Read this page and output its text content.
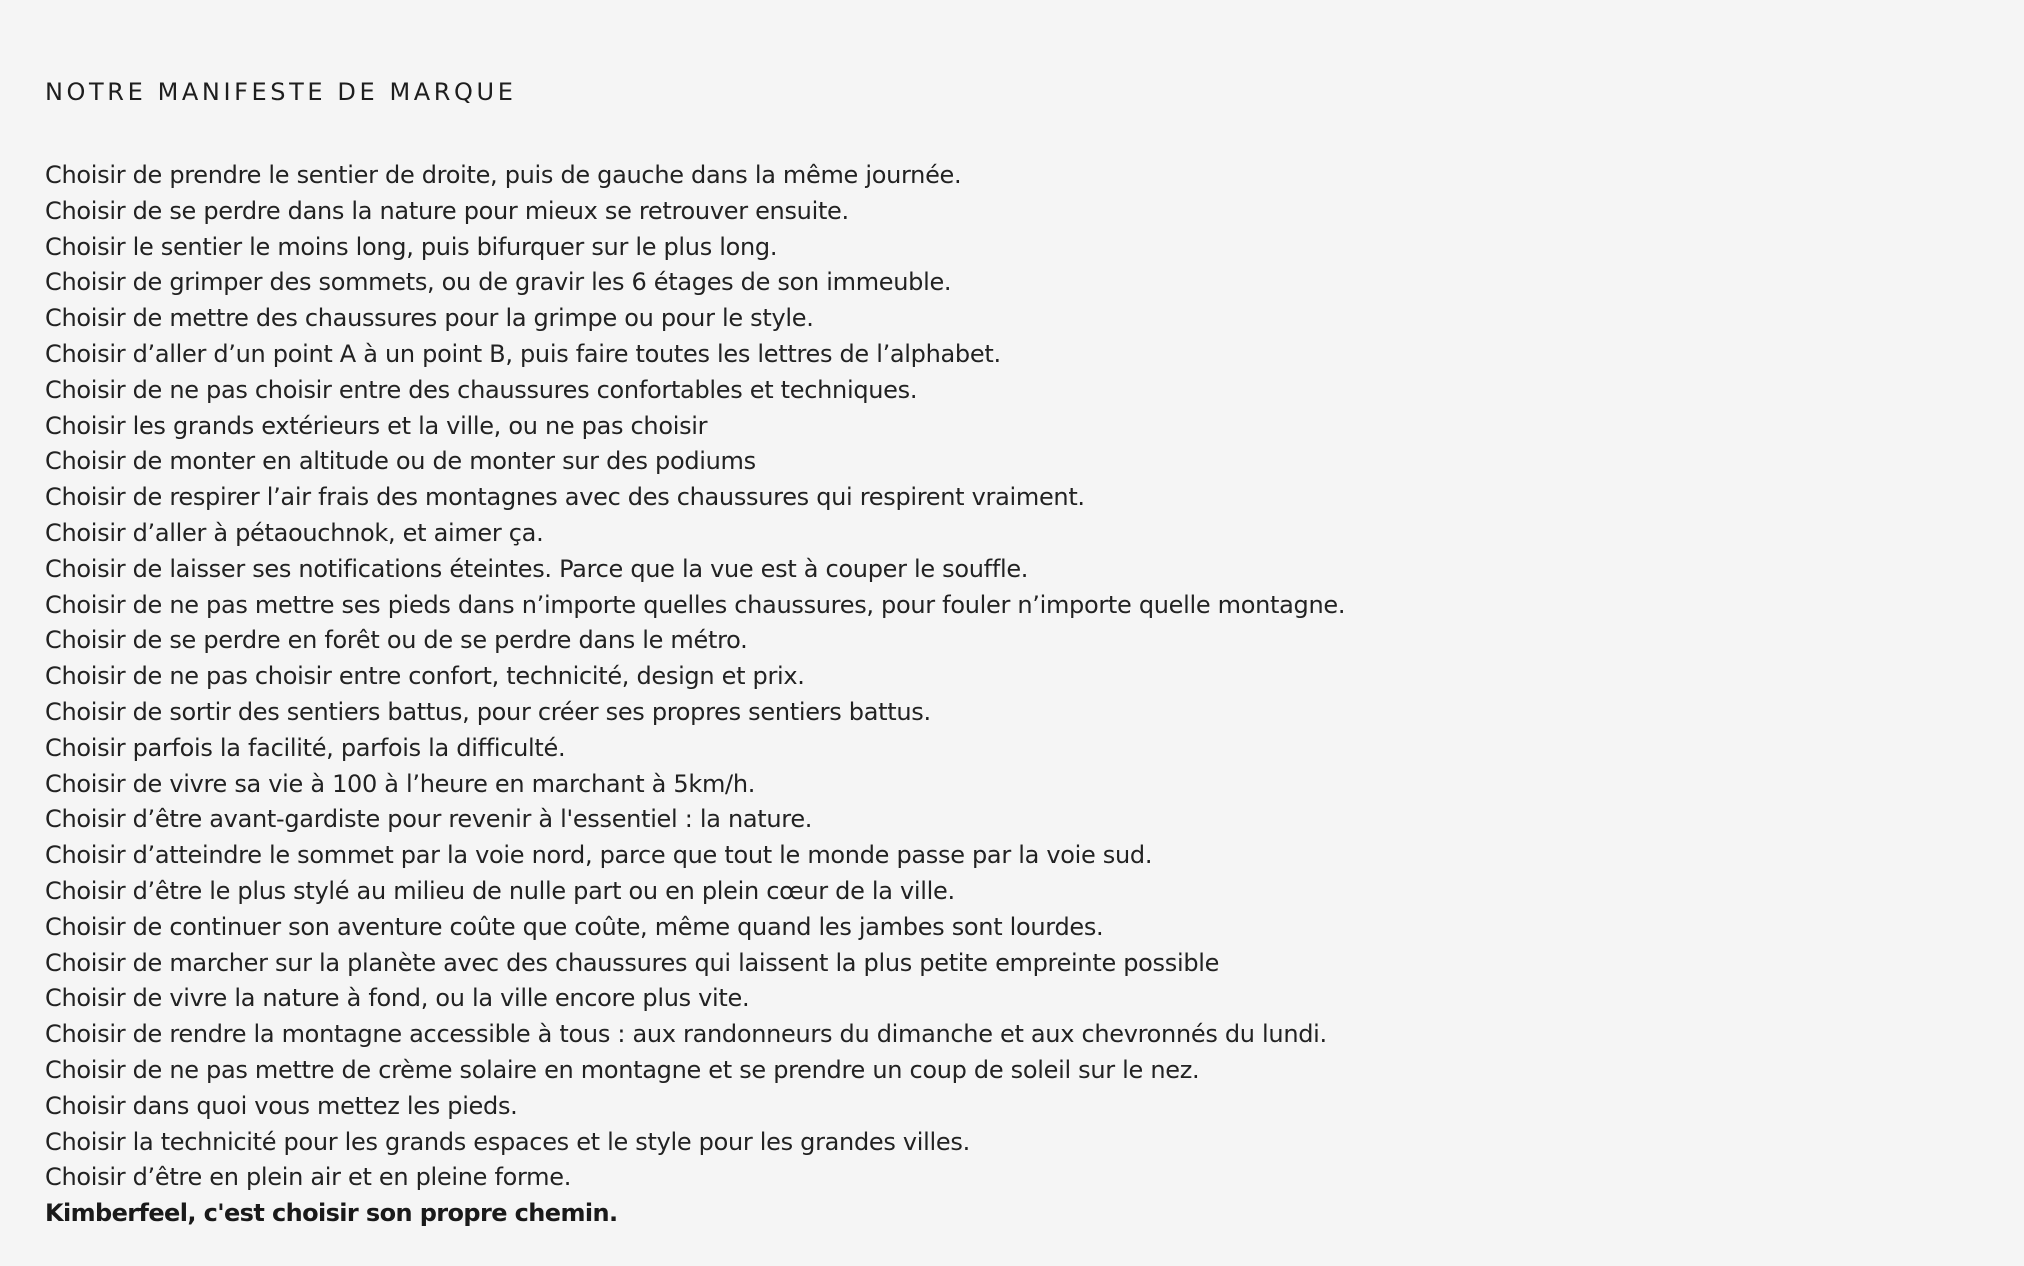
NOTRE MANIFESTE DE MARQUE
Choisir de prendre le sentier de droite, puis de gauche dans la même journée.
Choisir de se perdre dans la nature pour mieux se retrouver ensuite.
Choisir le sentier le moins long, puis bifurquer sur le plus long.
Choisir de grimper des sommets, ou de gravir les 6 étages de son immeuble.
Choisir de mettre des chaussures pour la grimpe ou pour le style.
Choisir d’aller d’un point A à un point B, puis faire toutes les lettres de l’alphabet.
Choisir de ne pas choisir entre des chaussures confortables et techniques.
Choisir les grands extérieurs et la ville, ou ne pas choisir
Choisir de monter en altitude ou de monter sur des podiums
Choisir de respirer l’air frais des montagnes avec des chaussures qui respirent vraiment.
Choisir d’aller à pétaouchnok, et aimer ça.
Choisir de laisser ses notifications éteintes. Parce que la vue est à couper le souffle.
Choisir de ne pas mettre ses pieds dans n’importe quelles chaussures, pour fouler n’importe quelle montagne.
Choisir de se perdre en forêt ou de se perdre dans le métro.
Choisir de ne pas choisir entre confort, technicité, design et prix.
Choisir de sortir des sentiers battus, pour créer ses propres sentiers battus.
Choisir parfois la facilité, parfois la difficulté.
Choisir de vivre sa vie à 100 à l’heure en marchant à 5km/h.
Choisir d’être avant-gardiste pour revenir à l'essentiel : la nature.
Choisir d’atteindre le sommet par la voie nord, parce que tout le monde passe par la voie sud.
Choisir d’être le plus stylé au milieu de nulle part ou en plein cœur de la ville.
Choisir de continuer son aventure coûte que coûte, même quand les jambes sont lourdes.
Choisir de marcher sur la planète avec des chaussures qui laissent la plus petite empreinte possible
Choisir de vivre la nature à fond, ou la ville encore plus vite.
Choisir de rendre la montagne accessible à tous : aux randonneurs du dimanche et aux chevronnés du lundi.
Choisir de ne pas mettre de crème solaire en montagne et se prendre un coup de soleil sur le nez.
Choisir dans quoi vous mettez les pieds.
Choisir la technicité pour les grands espaces et le style pour les grandes villes.
Choisir d’être en plein air et en pleine forme.

Kimberfeel, c'est choisir son propre chemin.
